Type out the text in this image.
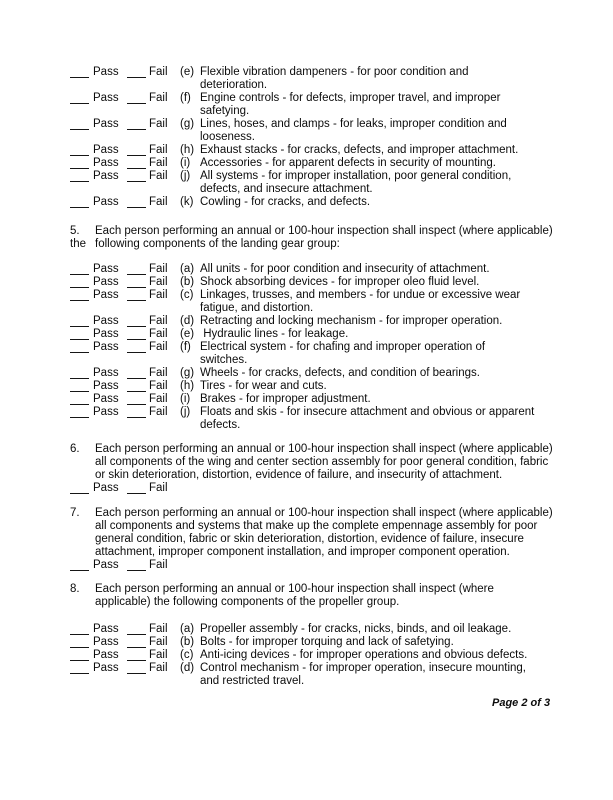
Pass	Fail	(e) Flexible vibration dampeners - for poor condition and
deterioration.
Pass	Fail	(f) Engine controls - for defects, improper travel, and improper
safetying.
Pass	Fail	(g) Lines, hoses, and clamps - for leaks, improper condition and
looseness.
Pass	Fail	(h) Exhaust stacks - for cracks, defects, and improper attachment.
Pass	Fail	(i) Accessories - for apparent defects in security of mounting.
Pass	Fail	(j) All systems - for improper installation, poor general condition,
defects, and insecure attachment.
Pass	Fail	(k) Cowling - for cracks, and defects.
5.	Each person performing an annual or 100-hour inspection shall inspect (where applicable)
the following components of the landing gear group:
Pass	Fail	(a) All units - for poor condition and insecurity of attachment.
Pass	Fail	(b) Shock absorbing devices - for improper oleo fluid level.
Pass	Fail	(c) Linkages, trusses, and members - for undue or excessive wear
fatigue, and distortion.
Pass	Fail	(d) Retracting and locking mechanism - for improper operation.
Pass	Fail	(e) Hydraulic lines - for leakage.
Pass	Fail	(f) Electrical system - for chafing and improper operation of
switches.
Pass	Fail	(g) Wheels - for cracks, defects, and condition of bearings.
Pass	Fail	(h) Tires - for wear and cuts.
Pass	Fail	(i) Brakes - for improper adjustment.
Pass	Fail	(j) Floats and skis - for insecure attachment and obvious or apparent
defects.
6.	Each person performing an annual or 100-hour inspection shall inspect (where applicable)
all components of the wing and center section assembly for poor general condition, fabric
or skin deterioration, distortion, evidence of failure, and insecurity of attachment.
Pass	Fail
7.	Each person performing an annual or 100-hour inspection shall inspect (where applicable)
all components and systems that make up the complete empennage assembly for poor
general condition, fabric or skin deterioration, distortion, evidence of failure, insecure
attachment, improper component installation, and improper component operation.
Pass	Fail
8.	Each person performing an annual or 100-hour inspection shall inspect (where
applicable) the following components of the propeller group.
Pass	Fail	(a) Propeller assembly - for cracks, nicks, binds, and oil leakage.
Pass	Fail	(b) Bolts - for improper torquing and lack of safetying.
Pass	Fail	(c) Anti-icing devices - for improper operations and obvious defects.
Pass	Fail	(d) Control mechanism - for improper operation, insecure mounting,
and restricted travel.
Page 2 of 3
